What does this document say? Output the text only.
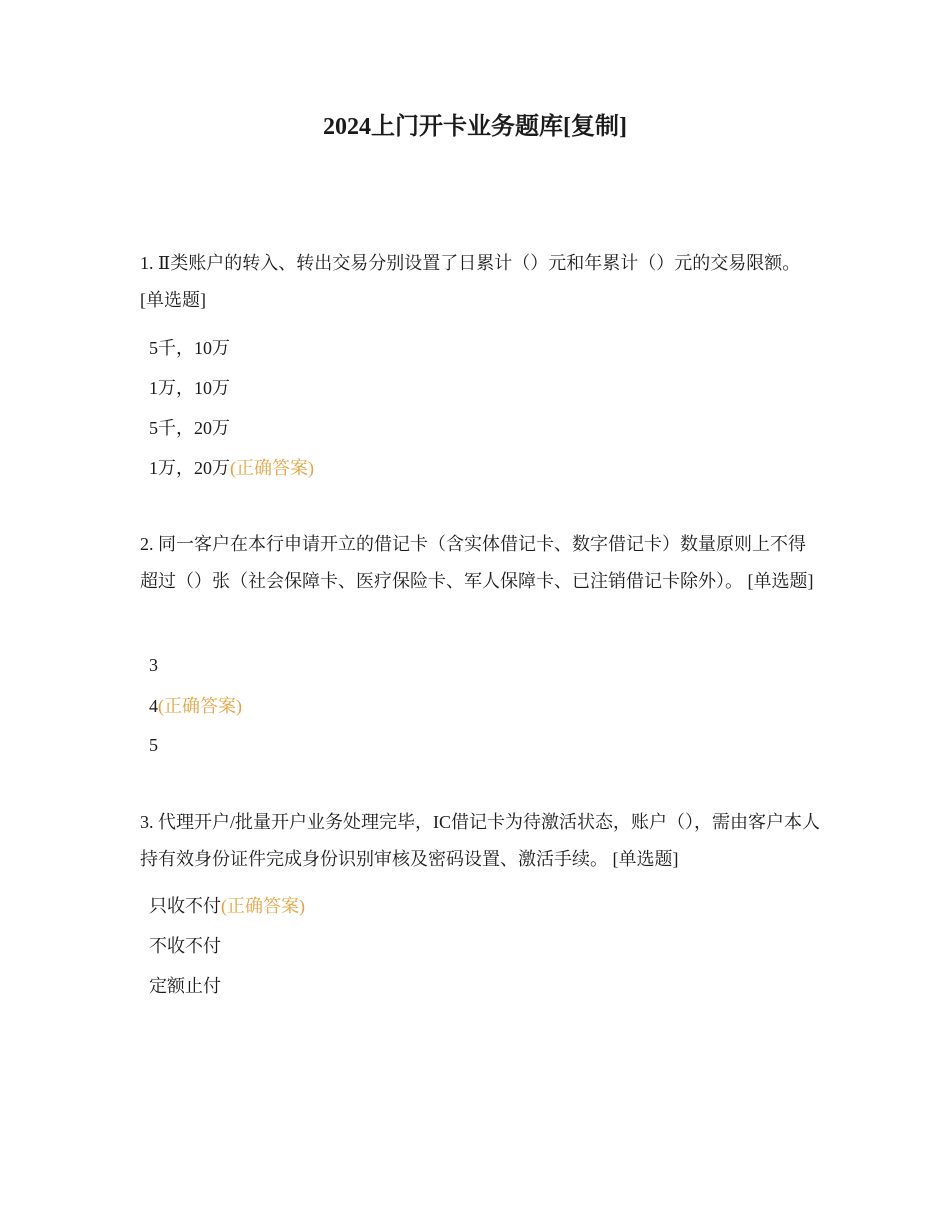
2024上门开卡业务题库[复制]

1. Ⅱ类账户的转入、转出交易分别设置了日累计（）元和年累计（）元的交易限额。 [单选题]

5千，10万
1万，10万
5千，20万
1万，20万(正确答案)

2. 同一客户在本行申请开立的借记卡（含实体借记卡、数字借记卡）数量原则上不得超过（）张（社会保障卡、医疗保险卡、军人保障卡、已注销借记卡除外）。 [单选题]

3
4(正确答案)
5

3. 代理开户/批量开户业务处理完毕，IC借记卡为待激活状态，账户（），需由客户本人持有效身份证件完成身份识别审核及密码设置、激活手续。 [单选题]

只收不付(正确答案)
不收不付
定额止付
